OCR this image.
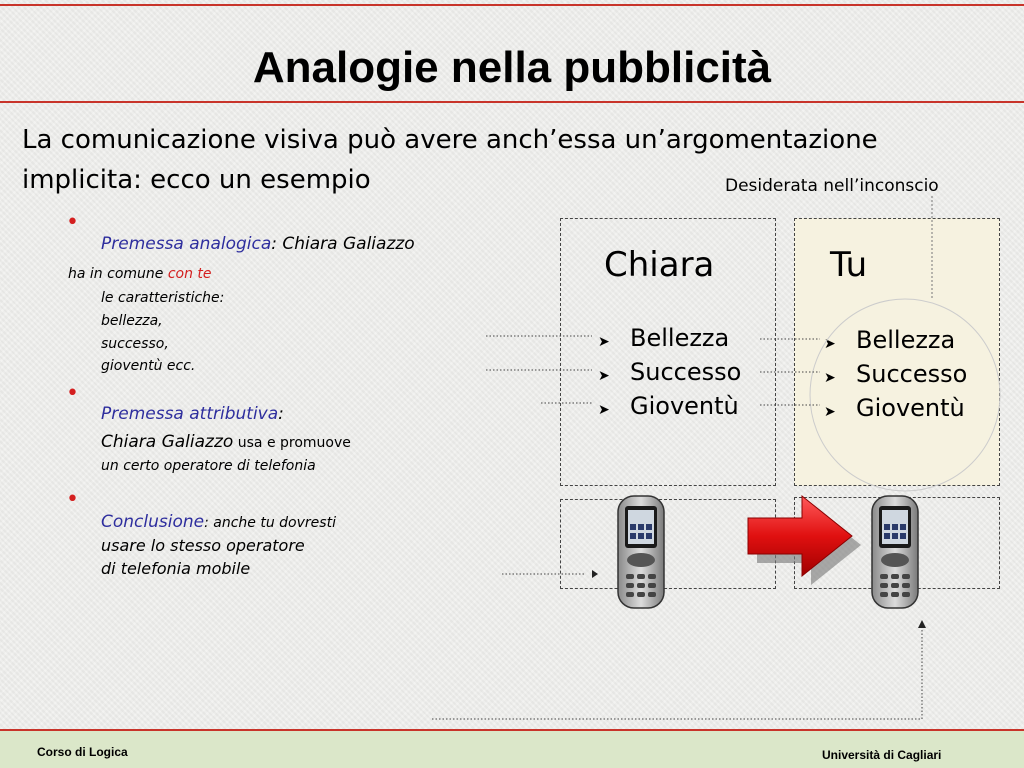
Analogie nella pubblicità
La comunicazione visiva può avere anch’essa un’argomentazione
implicita: ecco un esempio	Desiderata nell’inconscio
•
Premessa analogica: Chiara Galiazzo
ha in comune con te
le caratteristiche:
bellezza,
successo,
gioventù ecc.
•
Premessa attributiva:
Chiara Galiazzo usa e promuove
un certo operatore di telefonia
•
Conclusione: anche tu dovresti
usare lo stesso operatore
di telefonia mobile
Chiara	Tu
➤ Bellezza
➤ Successo
➤ Gioventù
➤ Bellezza
➤ Successo
➤ Gioventù
Corso di Logica	Università di Cagliari
